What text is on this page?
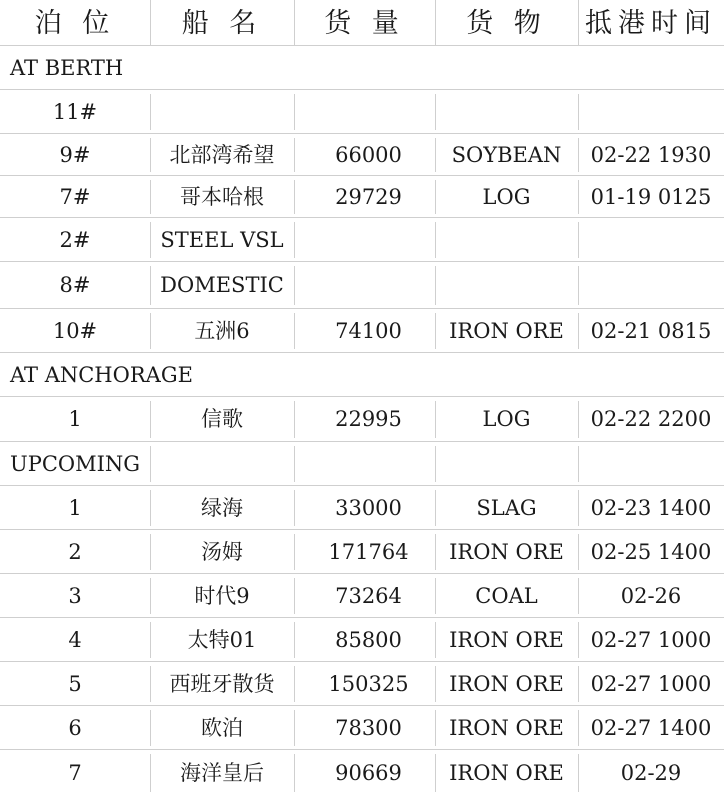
泊 位	船 名	货 量	货 物	抵港时间
AT BERTH
11#
9#	北部湾希望	66000	SOYBEAN	02-22 1930
7#	哥本哈根	29729	LOG	01-19 0125
2#	STEEL VSL
8#	DOMESTIC
10#	五洲6	74100	IRON ORE	02-21 0815
AT ANCHORAGE
1	信歌	22995	LOG	02-22 2200
UPCOMING
1	绿海	33000	SLAG	02-23 1400
2	汤姆	171764	IRON ORE	02-25 1400
3	时代9	73264	COAL	02-26
4	太特01	85800	IRON ORE	02-27 1000
5	西班牙散货	150325	IRON ORE	02-27 1000
6	欧泊	78300	IRON ORE	02-27 1400
7	海洋皇后	90669	IRON ORE	02-29
